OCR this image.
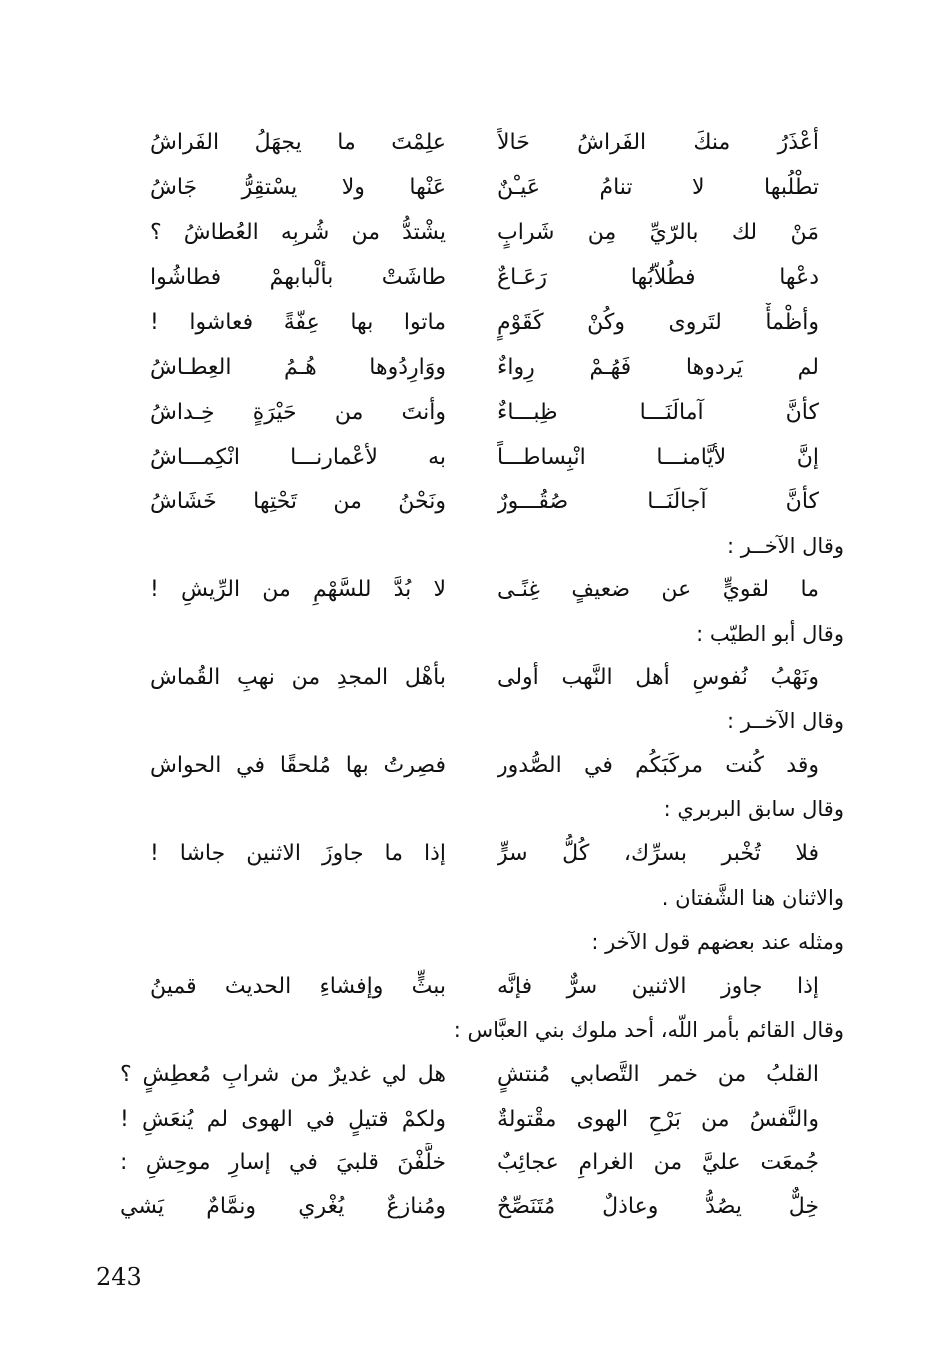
أعْذَرُ منكَ الفَراشُ حَالاً
علِمْتَ ما يجهَلُ الفَراشُ
تطْلُبها لا تنامُ عَيـْنٌ
عَنْها ولا يسْتقِرُّ جَاشُ
مَنْ لك بالرّيِّ مِن شَرابٍ
يشْتدُّ من شُربِه العُطاشُ ؟
دعْها فطُلاّبُها رَعَـاعٌ
طاشَتْ بألْبابهمْ فطاشُوا
وأظْمأْ لتَروى وكُنْ كَقَوْمٍ
ماتوا بها عِفّةً فعاشوا !
لم يَردوها فَهُـمْ رِواءٌ
ووَارِدُوها هُـمُ العِطـاشُ
كأنَّ آمالَنَـــا ظِبـــاءٌ
وأنتَ من حَيْرَةٍ خِـداشُ
إنَّ لأيَّامنـــا انْبِساطـــاً
به لأعْمارنـــا انْكِمـــاشُ
كأنَّ آجالَنَــا صُقُـــورٌ
ونَحْنُ من تَحْتِها خَشَاشُ
وقال الآخــر :
ما لقويٍّ عن ضعيفٍ غِنًـى
لا بُدَّ للسَّهْمِ من الرِّيشِ !
وقال أبو الطيّب :
ونَهْبُ نُفوسِ أهل النَّهب أولى
بأهْل المجدِ من نهبِ القُماش
وقال الآخــر :
وقد كُنت مركَبَكُم في الصُّدور
فصِرتُ بها مُلحقًا في الحواش
وقال سابق البربري :
فلا تُخْبر بسرِّك، كُلُّ سرٍّ
إذا ما جاوزَ الاثنين جاشا !
والاثنان هنا الشَّفتان .
ومثله عند بعضهم قول الآخر :
إذا جاوز الاثنين سرٌّ فإنَّه
ببثٍّ وإفشاءِ الحديث قمينُ
وقال القائم بأمر اللّه، أحد ملوك بني العبَّاس :
القلبُ من خمر التَّصابي مُنتشٍ
هل لي غديرٌ من شرابِ مُعطِشٍ ؟
والنَّفسُ من بَرْحِ الهوى مقْتولةٌ
ولكمْ قتيلٍ في الهوى لم يُنعَشِ !
جُمعَت عليَّ من الغرامِ عجائِبٌ
خلَّفْنَ قلبيَ في إسارِ موحِشِ :
خِلٌّ يصُدُّ وعاذلٌ مُتَنَصِّحٌ
ومُنازعٌ يُغْري ونمَّامٌ يَشي
243
